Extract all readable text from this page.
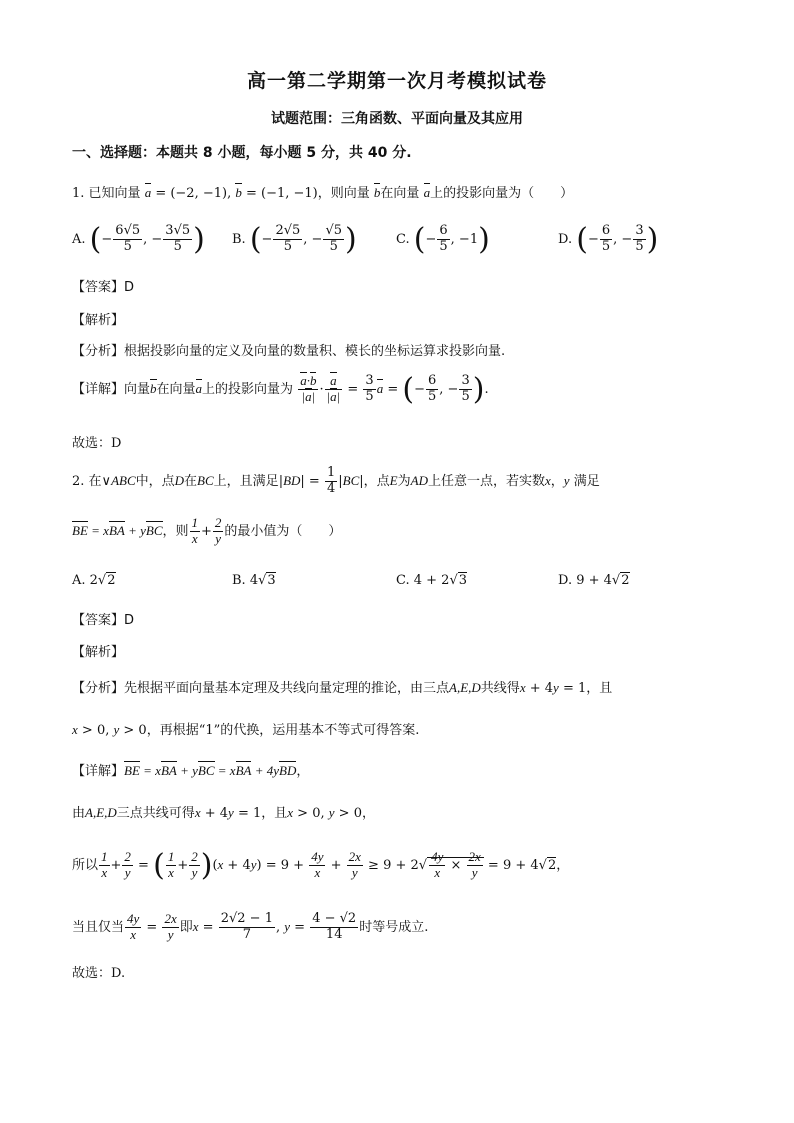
高一第二学期第一次月考模拟试卷
试题范围：三角函数、平面向量及其应用
一、选择题：本题共 8 小题，每小题 5 分，共 40 分.
1. 已知向量 a = (−2, −1), b = (−1, −1)，则向量 b在向量 a上的投影向量为（　　）
A. (− $\frac{6√5}{5}$ , − $\frac{3√5}{5}$ ) B. (− $\frac{2√5}{5}$ , − $\frac{√5}{5}$ )	C. (− $\frac{6}{5}$ , −1)	D. (− $\frac{6}{5}$ , − $\frac{3}{5}$ )
【答案】D
【解析】
【分析】根据投影向量的定义及向量的数量积、模长的坐标运算求投影向量.
【详解】向量b在向量a上的投影向量为 $\frac{a\cdot b}{|a|} \cdot \frac{a}{|a|} = \frac{3}{5}$ a = (− $\frac{6}{5}$ , − $\frac{3}{5}$ ).
故选：D
2. 在∨ABC中，点D在BC上，且满足$|BD| = \frac{1}{4} |BC|$，点E为AD上任意一点，若实数x，y 满足
BE = xBA + yBC，则 $\frac{1}{x} + \frac{2}{y}$ 的最小值为（　　）
A. 2√2	B. 4√3	C. 4 + 2√3	D. 9 + 4√2
【答案】D
【解析】
【分析】先根据平面向量基本定理及共线向量定理的推论，由三点A,E,D共线得x + 4y = 1，且
x > 0, y > 0，再根据“1”的代换，运用基本不等式可得答案.
【详解】BE = xBA + yBC = xBA + 4yBD，
由A,E,D三点共线可得x + 4y = 1，且x > 0, y > 0，
所以 $\frac{1}{x} + \frac{2}{y}$ = ( $\frac{1}{x} + \frac{2}{y} )(x + 4y) = 9 + \frac{4y}{x} + \frac{2x}{y} \ge 9 + 2√ \frac{4y}{x} \times \frac{2x}{y} = 9 + 4√2$，
当且仅当 $\frac{4y}{x} = \frac{2x}{y}$ 即$x = \frac{2√2 - 1}{7}$ , $y = \frac{4 - √2}{14}$ 时等号成立.
故选：D.
